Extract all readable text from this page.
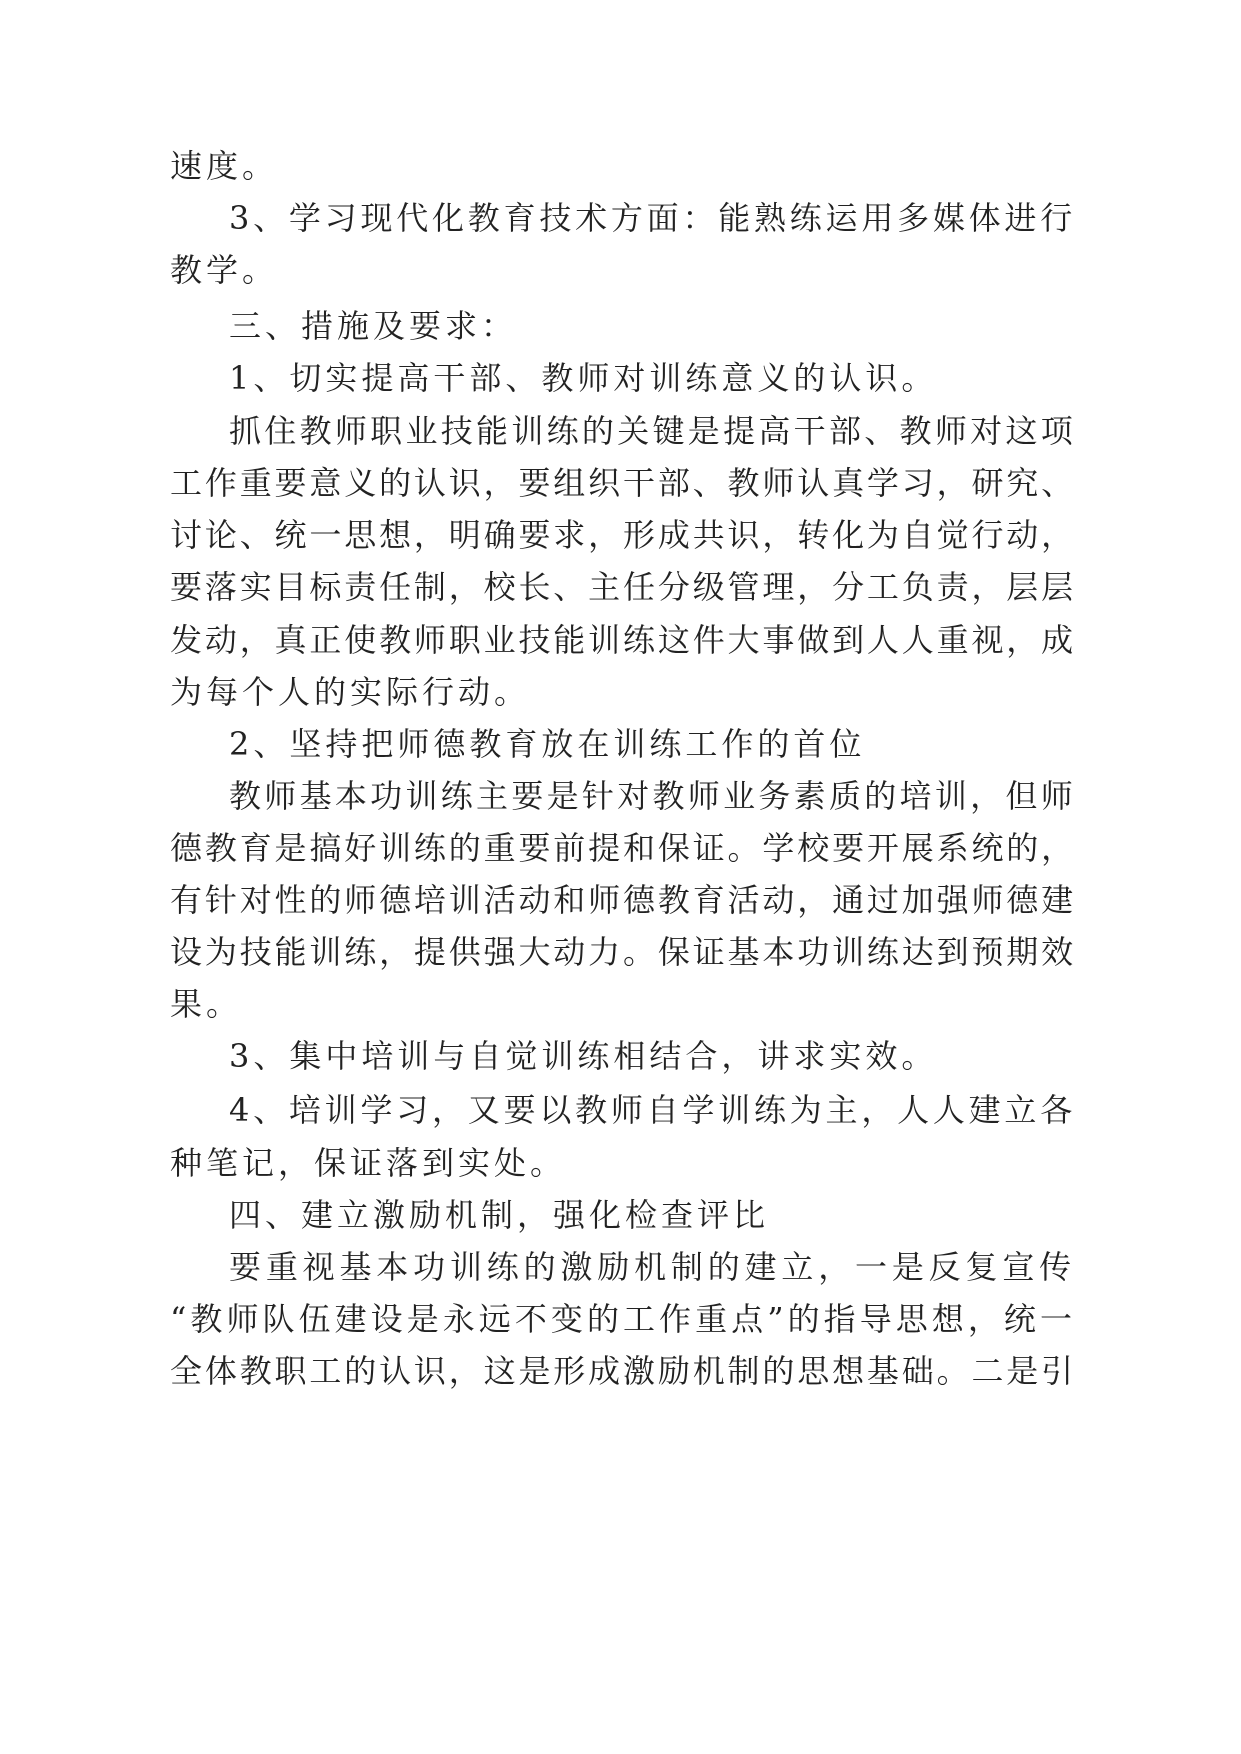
速度。
3、学习现代化教育技术方面：能熟练运用多媒体进行
教学。
三、措施及要求：
1、切实提高干部、教师对训练意义的认识。
抓住教师职业技能训练的关键是提高干部、教师对这项
工作重要意义的认识，要组织干部、教师认真学习，研究、
讨论、统一思想，明确要求，形成共识，转化为自觉行动，
要落实目标责任制，校长、主任分级管理，分工负责，层层
发动，真正使教师职业技能训练这件大事做到人人重视，成
为每个人的实际行动。
2、坚持把师德教育放在训练工作的首位
教师基本功训练主要是针对教师业务素质的培训，但师
德教育是搞好训练的重要前提和保证。学校要开展系统的，
有针对性的师德培训活动和师德教育活动，通过加强师德建
设为技能训练，提供强大动力。保证基本功训练达到预期效
果。
3、集中培训与自觉训练相结合，讲求实效。
4、培训学习，又要以教师自学训练为主，人人建立各
种笔记，保证落到实处。
四、建立激励机制，强化检查评比
要重视基本功训练的激励机制的建立，一是反复宣传
“教师队伍建设是永远不变的工作重点”的指导思想，统一
全体教职工的认识，这是形成激励机制的思想基础。二是引
